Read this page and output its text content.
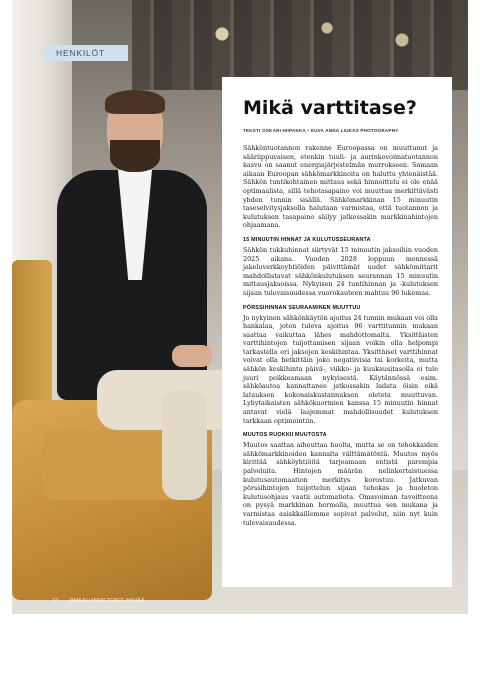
HENKILÖT
Mikä varttitase?
TEKSTI OSKARI HIIPAKKA • KUVA ANNA LIUKAS PHOTOGRAPHY

Sähköntuotannon rakenne Euroopassa on muuttunut ja sääriippuvaisen, etenkin tuuli- ja aurinkovoimatuotannon kasvu on saanut energiajärjestelmän murrokseen. Samaan aikaan Euroopan sähkömarkkinoita on haluttu yhtenäistää. Sähkön tuntikohtainen mittaus sekä hinnoittelu ei ole enää optimaalista, sillä tehotasapaino voi muuttua merkittävästi yhden tunnin sisällä. Sähkömarkkinan 15 minuutin taseselvitysjaksolla halutaan varmistaa, että tuotannon ja kulutuksen tasapaino säilyy jatkossakin markkinahintojen ohjaamana.

15 MINUUTIN HINNAT JA KULUTUSSEURANTA

Sähkön tukkuhinnat siirtyvät 15 minuutin jaksoihin vuoden 2025 aikana. Vuoden 2028 loppuun mennessä jakeluverkkoyhtiöiden päivittämät uudet sähkömittarit mahdollistavat sähkönkulutuksen seurannan 15 minuutin mittausjaksoissa. Nykyisen 24 tuntihinnan ja -kulutuksen sijaan tulevaisuudessa vuorokauteen mahtuu 96 lukemaa.

PÖRSSIHINNAN SEURAAMINEN MUUTTUU

Jo nykyinen sähkönkäytön ajoitus 24 tunnin mukaan voi olla hankalaa, joten tuleva ajoitus 96 varttitunnin mukaan saattaa vaikuttaa lähes mahdottomalta. Yksittäisten varttihintojen tuijottamisen sijaan voikin olla helpompi tarkastella eri jaksojen keskihintaa. Yksittäiset varttihinnat voivat olla hetkittäin joko negatiivisia tai korkeita, mutta sähkön keskihinta päivä-, viikko- ja kuukausitasolla ei tule juuri poikkeamaan nykyisestä. Käytännössä esim. sähköautoa kannattanee jatkossakin ladata öisin eikä latauksen kokonaiskustannuksen oleteta muuttuvan. Lyhytaikaisten sähkökuormien kanssa 15 minuutin hinnat antavat vielä laajemmat mahdollisuudet kulutuksen tarkkaan optimointiin.

MUUTOS RUOKKII MUUTOSTA

Muutos saattaa aiheuttaa huolta, mutta se on tehokkaiden sähkömarkkinoiden kannalta välttämätöntä. Muutos myös kirittää sähköyhtiöitä tarjoamaan entistä parempia palveluita. Hintojen määrän nelinkertaistuessa kulutusautomaation merkitys korostuu. Jatkuvan pörssihintojen tuijottelun sijaan tehokas ja huoleton kulutusohjaus vaatii automatiota. Omavoiman tavoitteena on pysyä markkinan hermolla, muuttua sen mukana ja varmistaa asiakkaillemme sopivat palvelut, niin nyt kuin tulevaisuudessa.

12 PAIKALLINEN TEKEE HYVÄÄ
